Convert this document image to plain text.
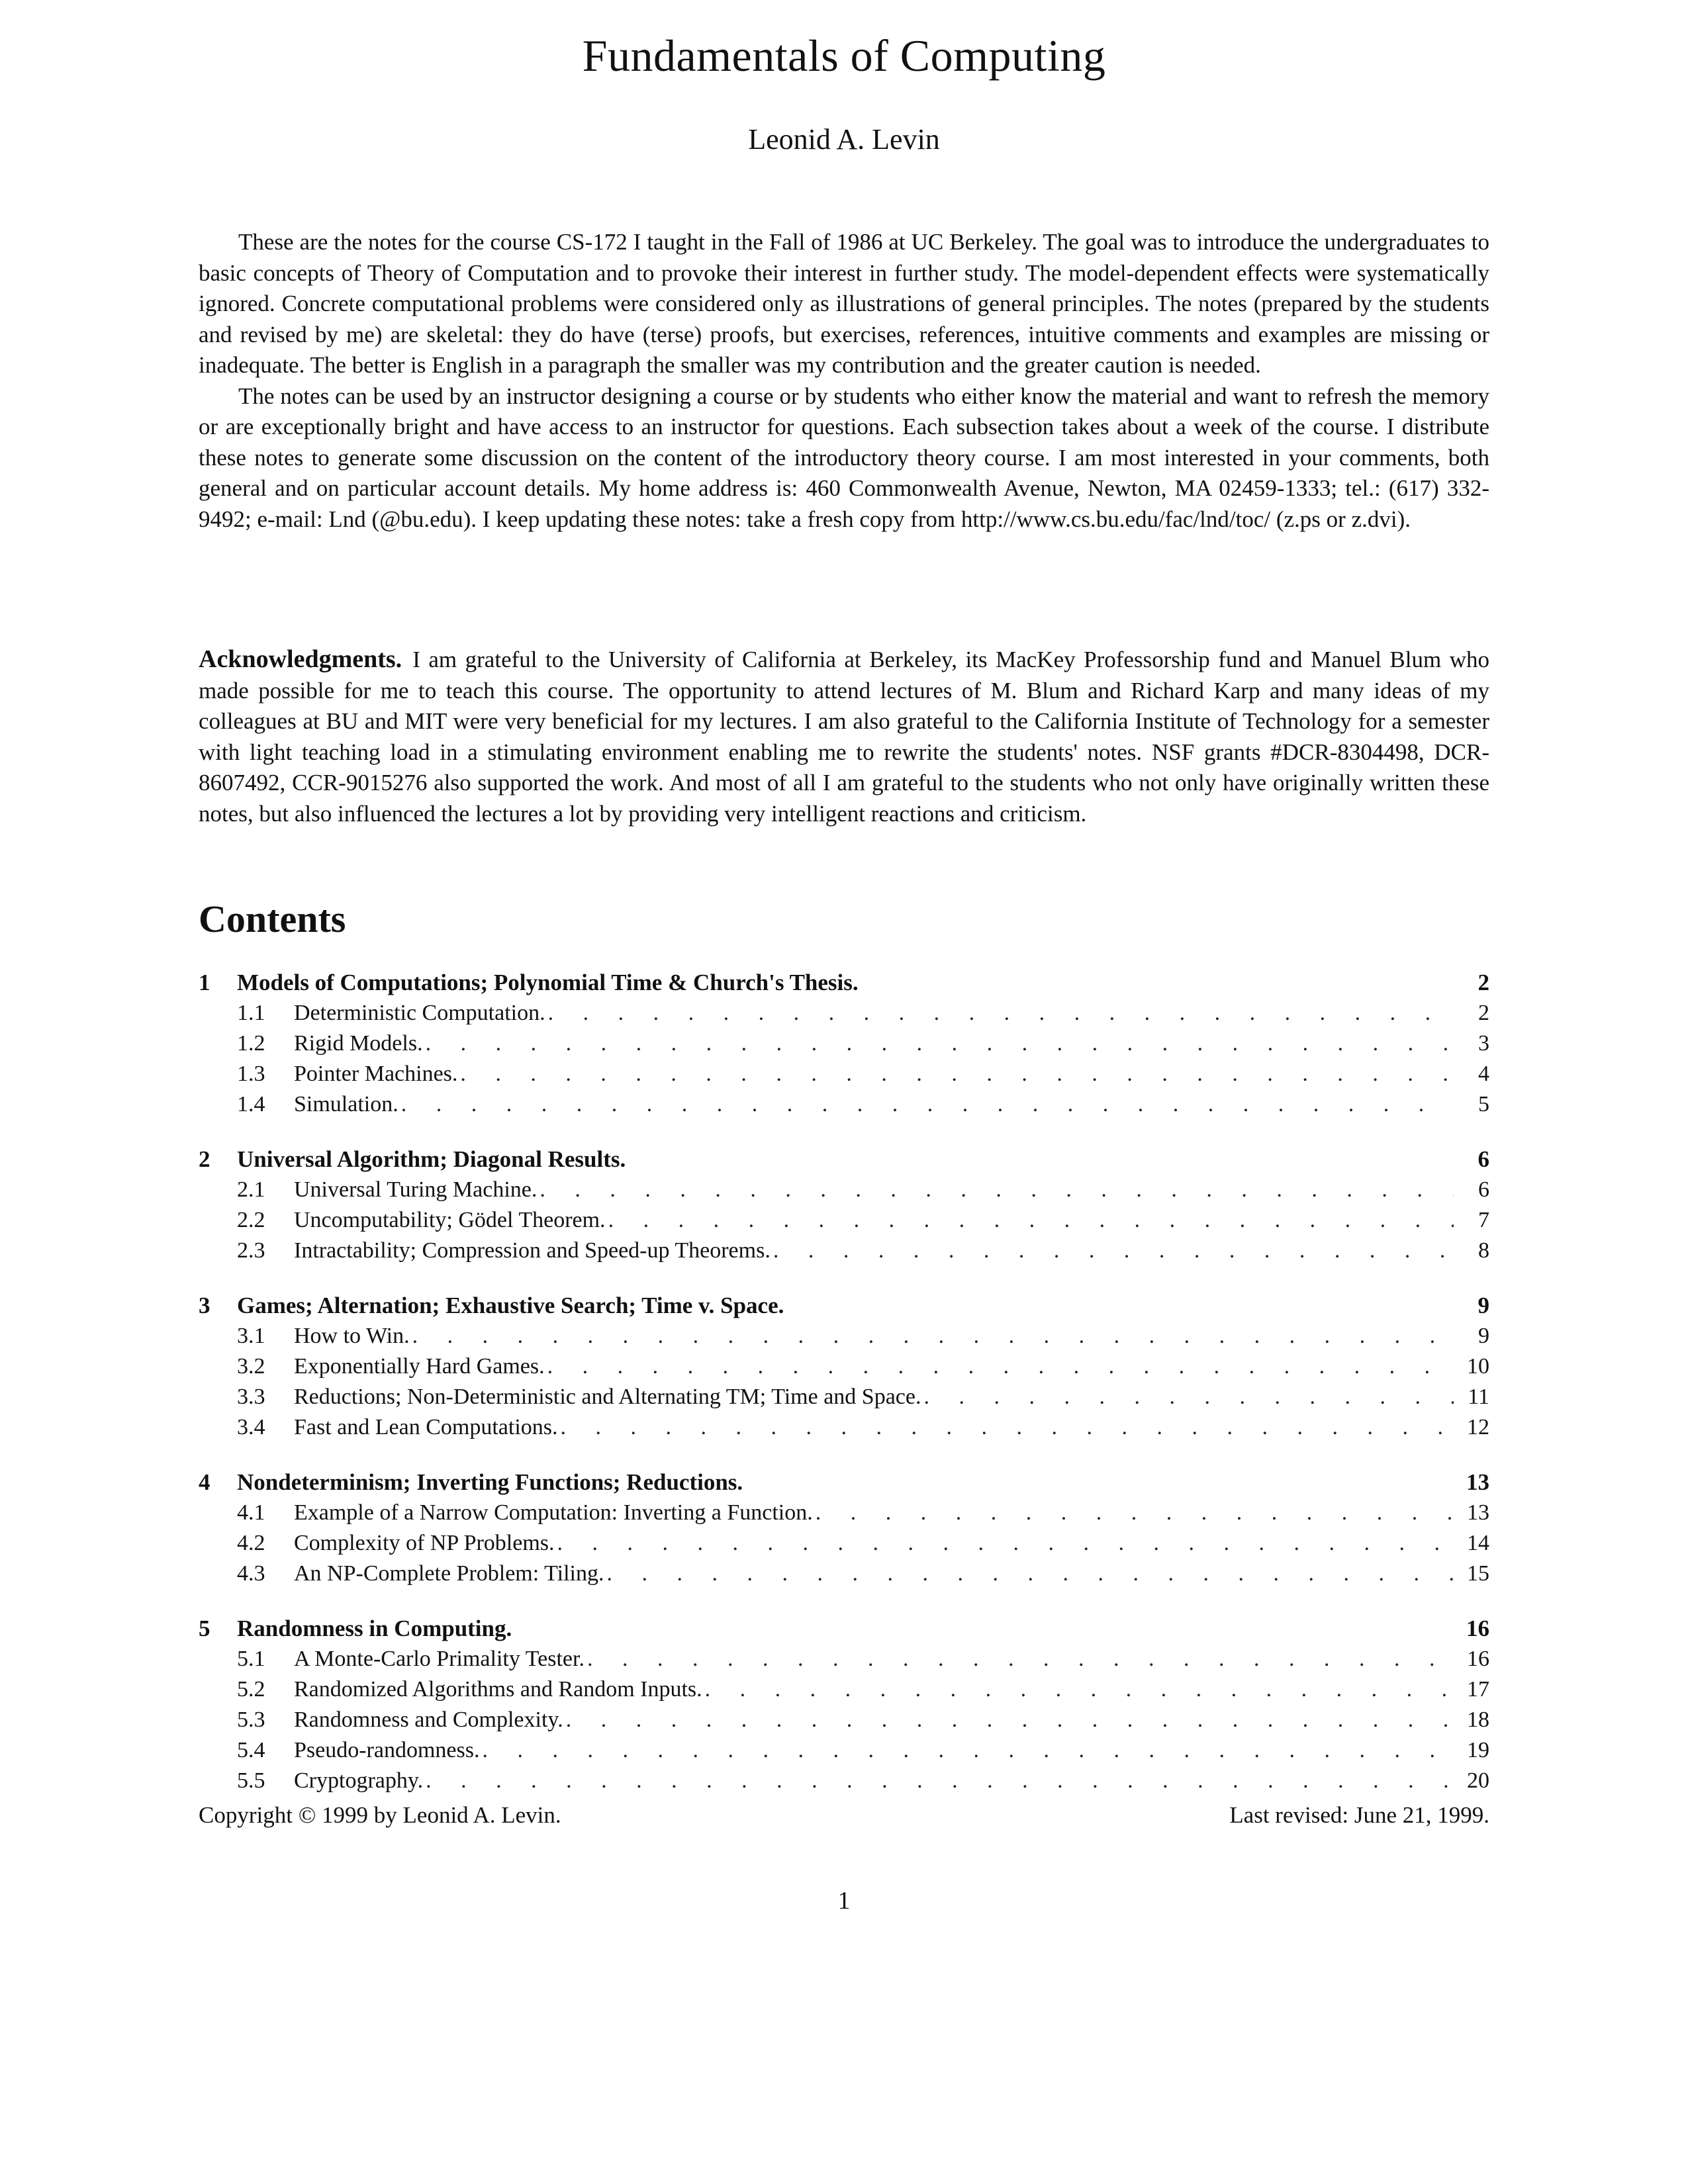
Fundamentals of Computing
Leonid A. Levin

These are the notes for the course CS-172 I taught in the Fall of 1986 at UC Berkeley. The goal was to introduce the undergraduates to basic concepts of Theory of Computation and to provoke their interest in further study. The model-dependent effects were systematically ignored. Concrete computational problems were considered only as illustrations of general principles. The notes (prepared by the students and revised by me) are skeletal: they do have (terse) proofs, but exercises, references, intuitive comments and examples are missing or inadequate. The better is English in a paragraph the smaller was my contribution and the greater caution is needed.

The notes can be used by an instructor designing a course or by students who either know the material and want to refresh the memory or are exceptionally bright and have access to an instructor for questions. Each subsection takes about a week of the course. I distribute these notes to generate some discussion on the content of the introductory theory course. I am most interested in your comments, both general and on particular account details. My home address is: 460 Commonwealth Avenue, Newton, MA 02459-1333; tel.: (617) 332-9492; e-mail: Lnd (@bu.edu). I keep updating these notes: take a fresh copy from http://www.cs.bu.edu/fac/lnd/toc/ (z.ps or z.dvi).

Acknowledgments. I am grateful to the University of California at Berkeley, its MacKey Professorship fund and Manuel Blum who made possible for me to teach this course. The opportunity to attend lectures of M. Blum and Richard Karp and many ideas of my colleagues at BU and MIT were very beneficial for my lectures. I am also grateful to the California Institute of Technology for a semester with light teaching load in a stimulating environment enabling me to rewrite the students' notes. NSF grants #DCR-8304498, DCR-8607492, CCR-9015276 also supported the work. And most of all I am grateful to the students who not only have originally written these notes, but also influenced the lectures a lot by providing very intelligent reactions and criticism.

Contents
1	Models of Computations; Polynomial Time & Church's Thesis.	2
1.1	Deterministic Computation. . . .	2
1.2	Rigid Models. . . .	3
1.3	Pointer Machines. . . .	4
1.4	Simulation. . . .	5
2	Universal Algorithm; Diagonal Results.	6
2.1	Universal Turing Machine. . . .	6
2.2	Uncomputability; Gödel Theorem. . . .	7
2.3	Intractability; Compression and Speed-up Theorems. . . .	8
3	Games; Alternation; Exhaustive Search; Time v. Space.	9
3.1	How to Win. . . .	9
3.2	Exponentially Hard Games. . . .	10
3.3	Reductions; Non-Deterministic and Alternating TM; Time and Space. . . .	11
3.4	Fast and Lean Computations. . . .	12
4	Nondeterminism; Inverting Functions; Reductions.	13
4.1	Example of a Narrow Computation: Inverting a Function. . . .	13
4.2	Complexity of NP Problems. . . .	14
4.3	An NP-Complete Problem: Tiling. . . .	15
5	Randomness in Computing.	16
5.1	A Monte-Carlo Primality Tester. . . .	16
5.2	Randomized Algorithms and Random Inputs. . . .	17
5.3	Randomness and Complexity. . . .	18
5.4	Pseudo-randomness. . . .	19
5.5	Cryptography. . . .	20
Copyright © 1999 by Leonid A. Levin.	Last revised: June 21, 1999.
1
